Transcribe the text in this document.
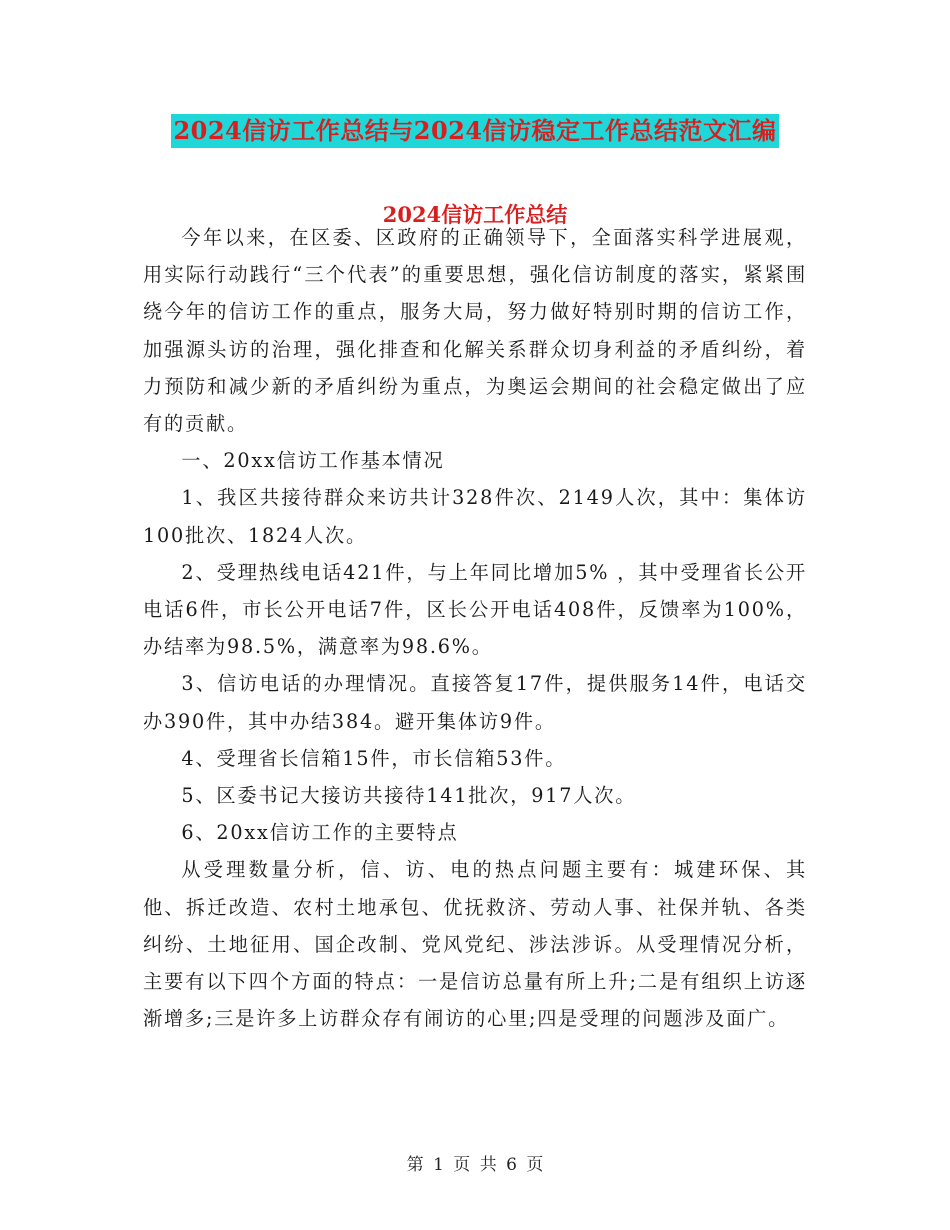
2024信访工作总结与2024信访稳定工作总结范文汇编
2024信访工作总结

今年以来，在区委、区政府的正确领导下，全面落实科学进展观，用实际行动践行“三个代表”的重要思想，强化信访制度的落实，紧紧围绕今年的信访工作的重点，服务大局，努力做好特别时期的信访工作，加强源头访的治理，强化排查和化解关系群众切身利益的矛盾纠纷，着力预防和减少新的矛盾纠纷为重点，为奥运会期间的社会稳定做出了应有的贡献。

一、20xx信访工作基本情况

1、我区共接待群众来访共计328件次、2149人次，其中：集体访100批次、1824人次。

2、受理热线电话421件，与上年同比增加5% ，其中受理省长公开电话6件，市长公开电话7件，区长公开电话408件，反馈率为100%，办结率为98.5%，满意率为98.6%。

3、信访电话的办理情况。直接答复17件，提供服务14件，电话交办390件，其中办结384。避开集体访9件。

4、受理省长信箱15件，市长信箱53件。

5、区委书记大接访共接待141批次，917人次。

6、20xx信访工作的主要特点

从受理数量分析，信、访、电的热点问题主要有：城建环保、其他、拆迁改造、农村土地承包、优抚救济、劳动人事、社保并轨、各类纠纷、土地征用、国企改制、党风党纪、涉法涉诉。从受理情况分析，主要有以下四个方面的特点：一是信访总量有所上升;二是有组织上访逐渐增多;三是许多上访群众存有闹访的心里;四是受理的问题涉及面广。

第 1 页 共 6 页
